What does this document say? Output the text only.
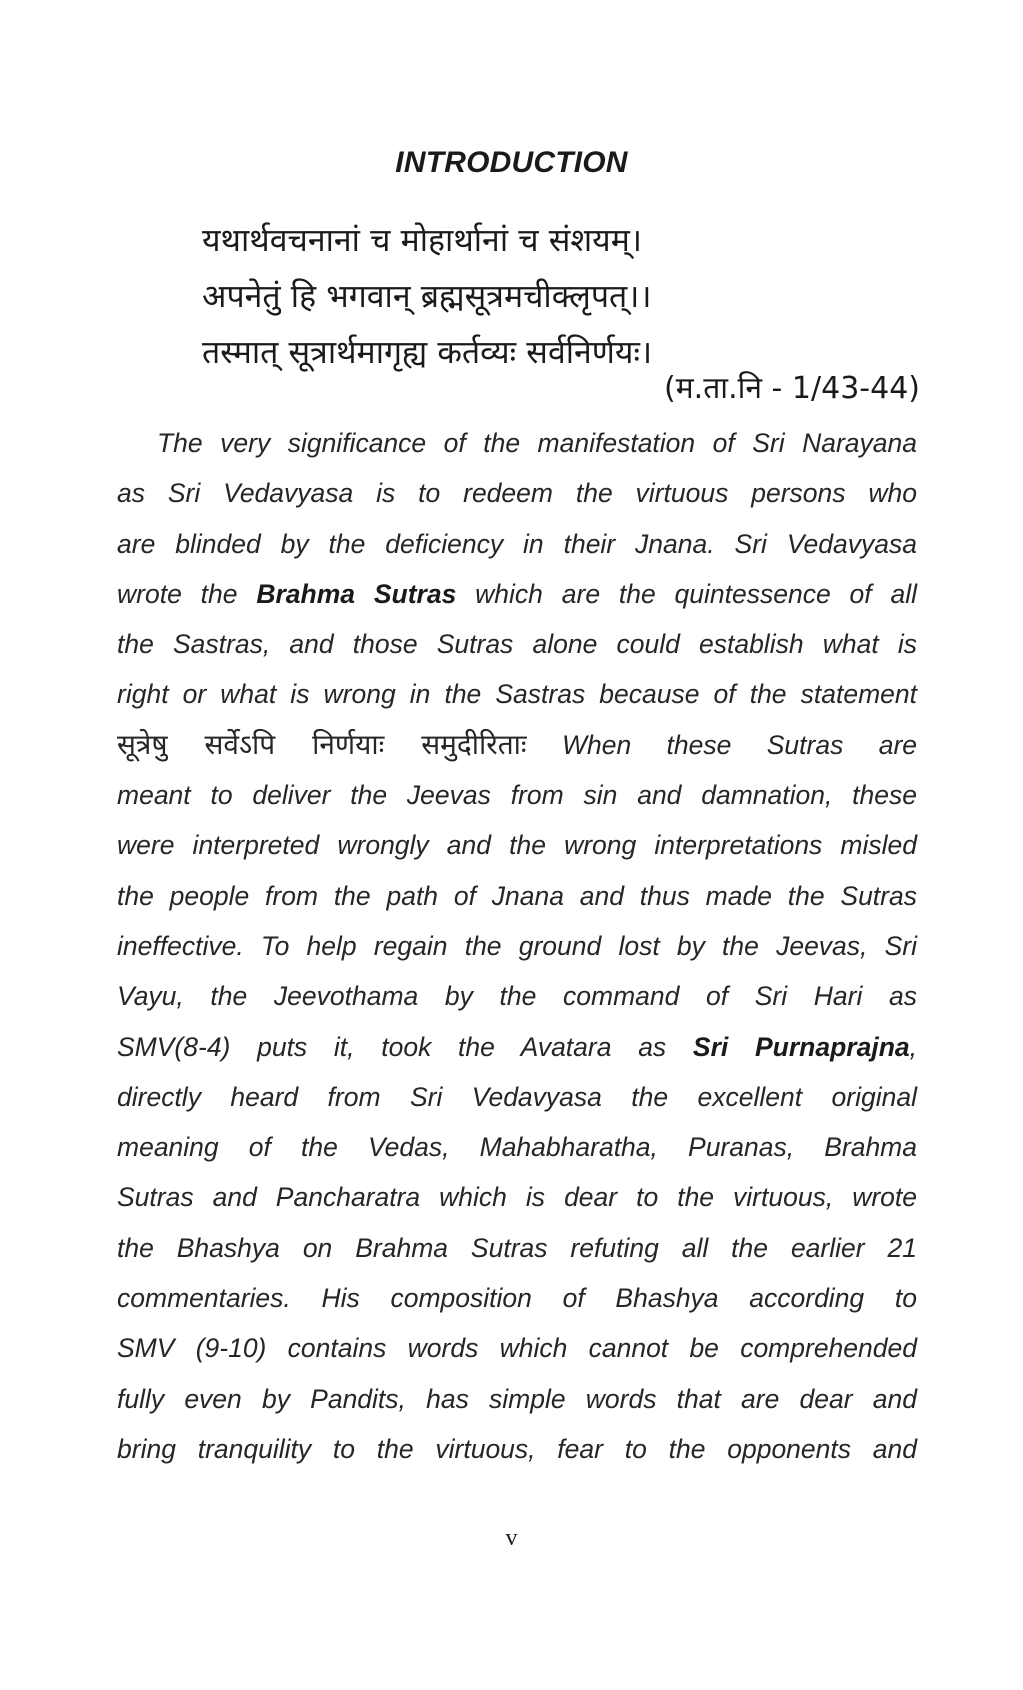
INTRODUCTION
यथार्थवचनानां च मोहार्थानां च संशयम्।
अपनेतुं हि भगवान् ब्रह्मसूत्रमचीक्लृपत्।।
तस्मात् सूत्रार्थमागृह्य कर्तव्यः सर्वनिर्णयः।
(म.ता.नि - 1/43-44)
The very significance of the manifestation of Sri Narayana
as Sri Vedavyasa is to redeem the virtuous persons who
are blinded by the deficiency in their Jnana. Sri Vedavyasa
wrote the Brahma Sutras which are the quintessence of all
the Sastras, and those Sutras alone could establish what is
right or what is wrong in the Sastras because of the statement
सूत्रेषु सर्वेऽपि निर्णयाः समुदीरिताः When these Sutras are
meant to deliver the Jeevas from sin and damnation, these
were interpreted wrongly and the wrong interpretations misled
the people from the path of Jnana and thus made the Sutras
ineffective. To help regain the ground lost by the Jeevas, Sri
Vayu, the Jeevothama by the command of Sri Hari as
SMV(8-4) puts it, took the Avatara as Sri Purnaprajna,
directly heard from Sri Vedavyasa the excellent original
meaning of the Vedas, Mahabharatha, Puranas, Brahma
Sutras and Pancharatra which is dear to the virtuous, wrote
the Bhashya on Brahma Sutras refuting all the earlier 21
commentaries. His composition of Bhashya according to
SMV (9-10) contains words which cannot be comprehended
fully even by Pandits, has simple words that are dear and
bring tranquility to the virtuous, fear to the opponents and
v
